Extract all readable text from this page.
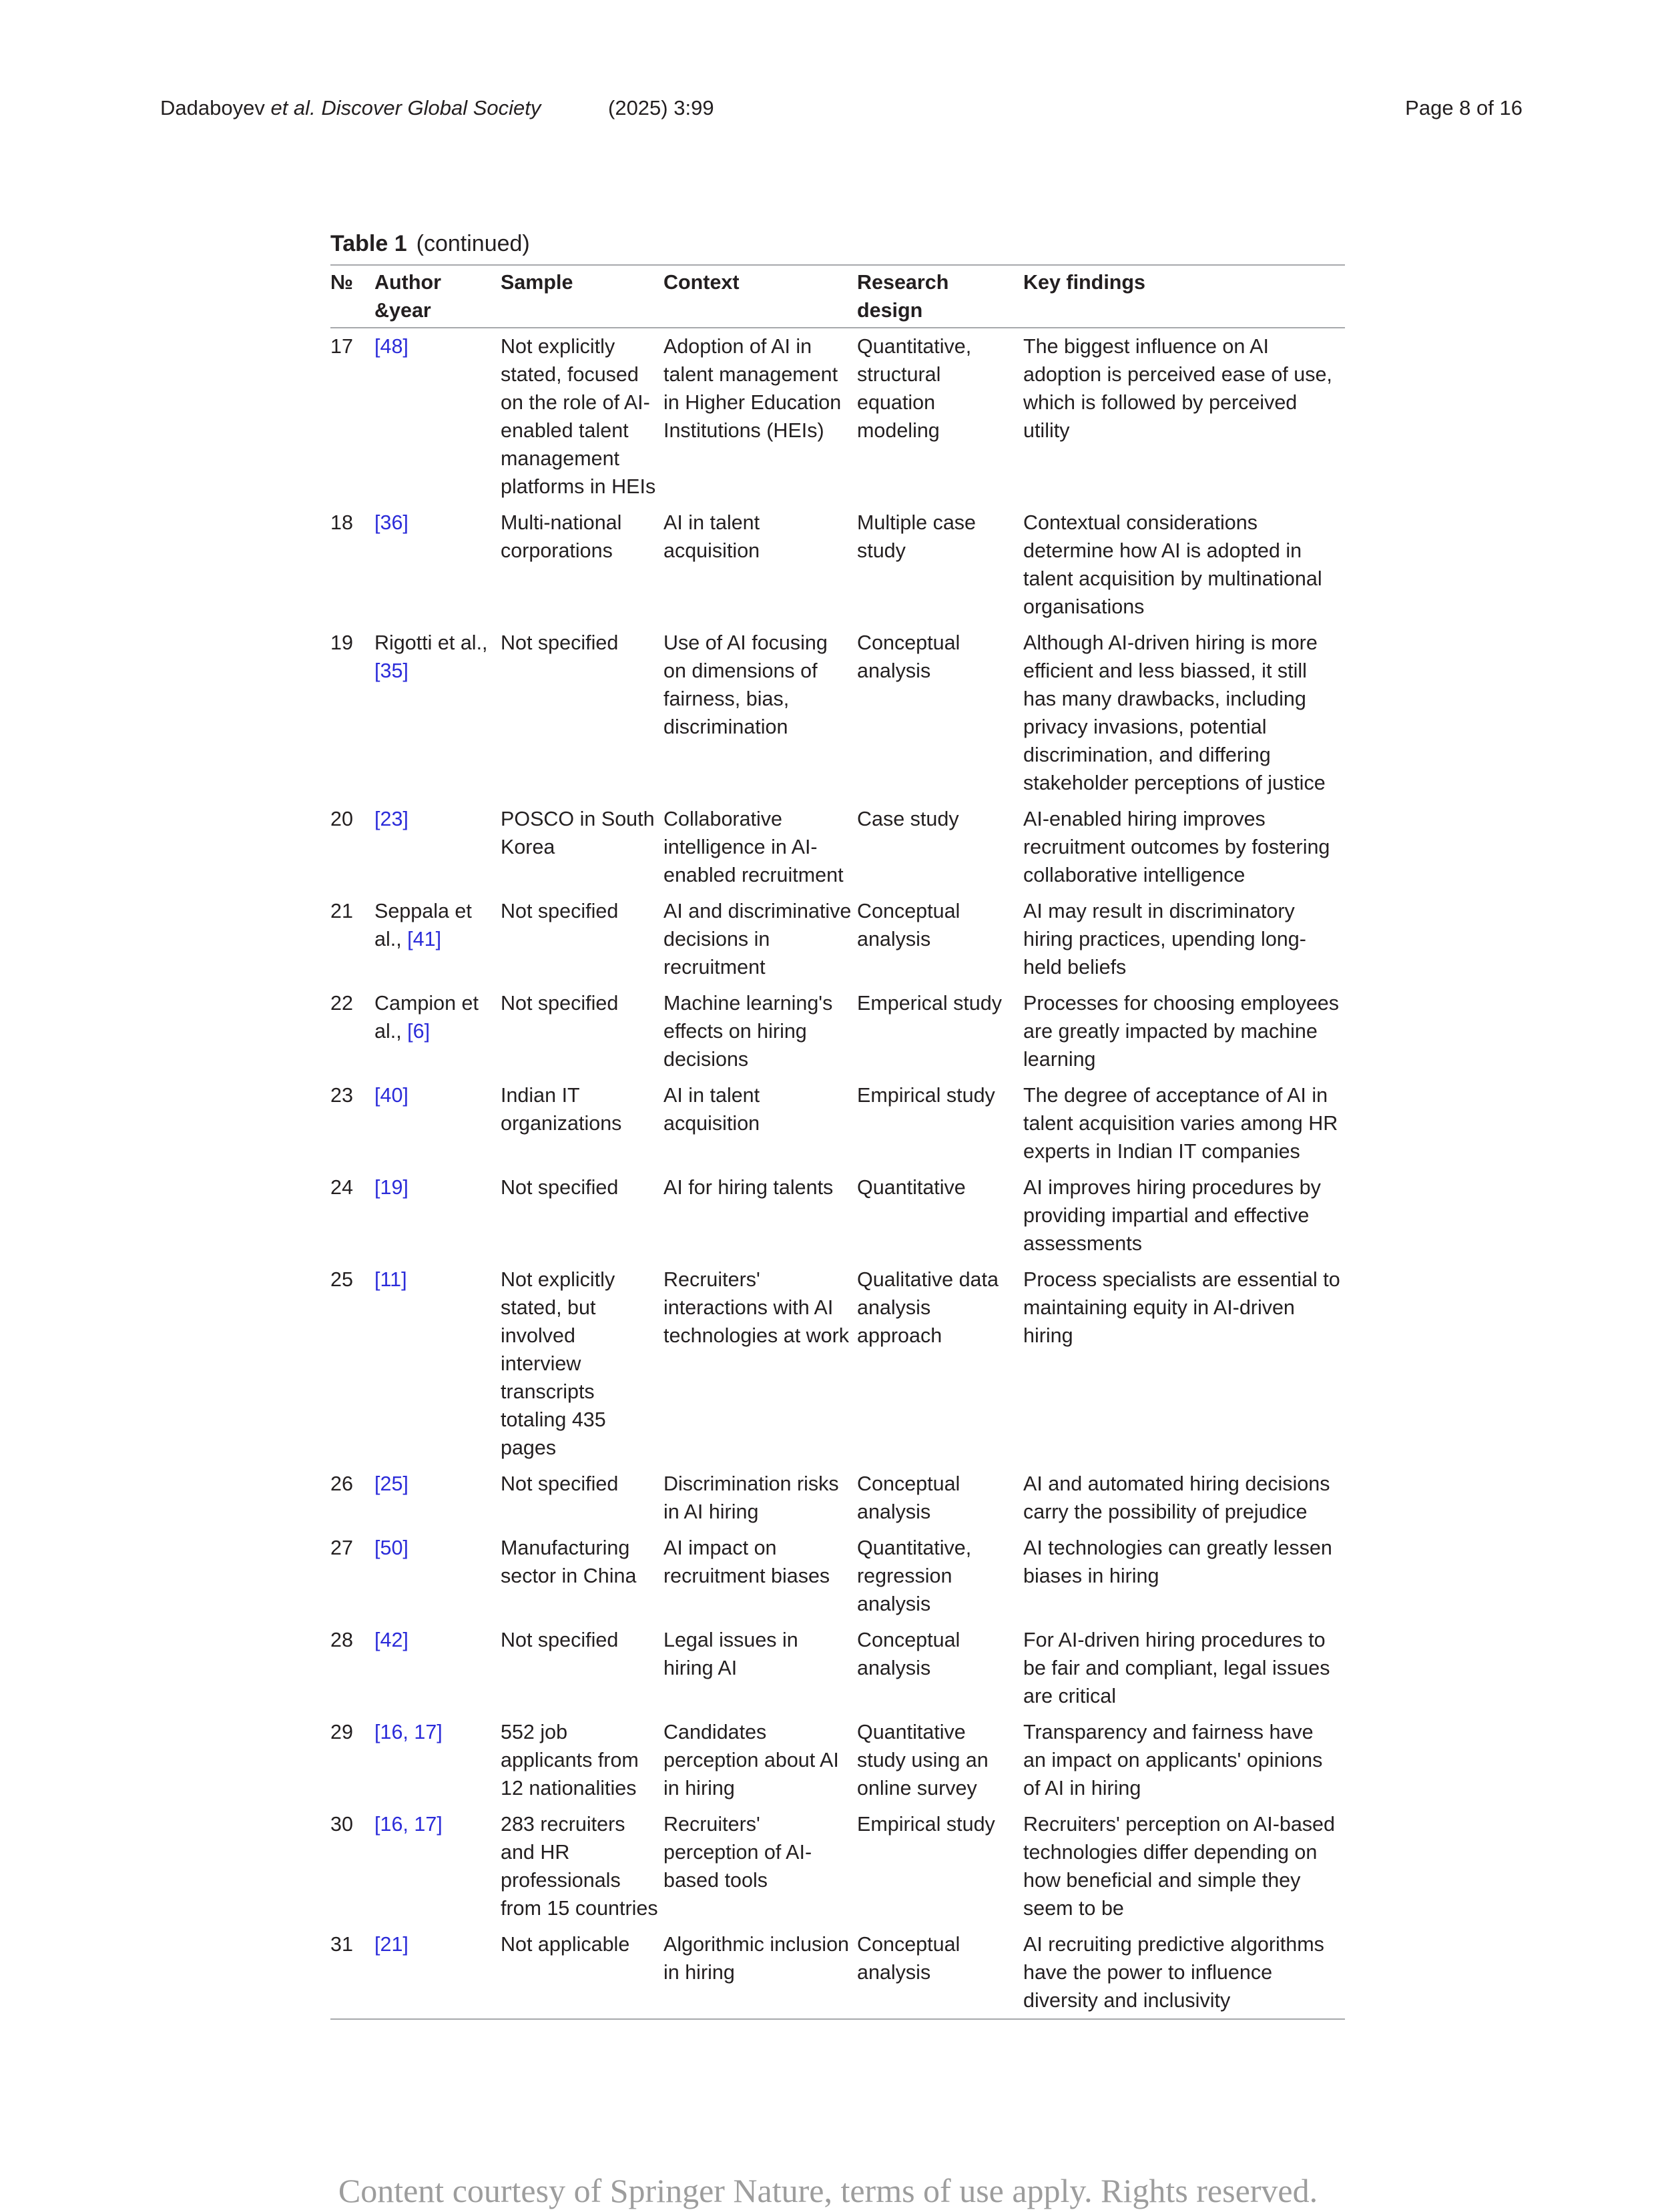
Dadaboyev et al. Discover Global Society	(2025) 3:99	Page 8 of 16
Table 1 (continued)
№	Author &year	Sample	Context	Research design	Key findings
17	[48]	Not explicitly stated, focused on the role of AI-enabled talent management platforms in HEIs	Adoption of AI in talent management in Higher Education Institutions (HEIs)	Quantitative, structural equation modeling	The biggest influence on AI adoption is perceived ease of use, which is followed by perceived utility
18	[36]	Multi-national corporations	AI in talent acquisition	Multiple case study	Contextual considerations determine how AI is adopted in talent acquisition by multinational organisations
19	Rigotti et al., [35]	Not specified	Use of AI focusing on dimensions of fairness, bias, discrimination	Conceptual analysis	Although AI-driven hiring is more efficient and less biassed, it still has many drawbacks, including privacy invasions, potential discrimination, and differing stakeholder perceptions of justice
20	[23]	POSCO in South Korea	Collaborative intelligence in AI-enabled recruitment	Case study	AI-enabled hiring improves recruitment outcomes by fostering collaborative intelligence
21	Seppala et al., [41]	Not specified	AI and discriminative decisions in recruitment	Conceptual analysis	AI may result in discriminatory hiring practices, upending long-held beliefs
22	Campion et al., [6]	Not specified	Machine learning's effects on hiring decisions	Emperical study	Processes for choosing employees are greatly impacted by machine learning
23	[40]	Indian IT organizations	AI in talent acquisition	Empirical study	The degree of acceptance of AI in talent acquisition varies among HR experts in Indian IT companies
24	[19]	Not specified	AI for hiring talents	Quantitative	AI improves hiring procedures by providing impartial and effective assessments
25	[11]	Not explicitly stated, but involved interview transcripts totaling 435 pages	Recruiters' interactions with AI technologies at work	Qualitative data analysis approach	Process specialists are essential to maintaining equity in AI-driven hiring
26	[25]	Not specified	Discrimination risks in AI hiring	Conceptual analysis	AI and automated hiring decisions carry the possibility of prejudice
27	[50]	Manufacturing sector in China	AI impact on recruitment biases	Quantitative, regression analysis	AI technologies can greatly lessen biases in hiring
28	[42]	Not specified	Legal issues in hiring AI	Conceptual analysis	For AI-driven hiring procedures to be fair and compliant, legal issues are critical
29	[16, 17]	552 job applicants from 12 nationalities	Candidates perception about AI in hiring	Quantitative study using an online survey	Transparency and fairness have an impact on applicants' opinions of AI in hiring
30	[16, 17]	283 recruiters and HR professionals from 15 countries	Recruiters' perception of AI-based tools	Empirical study	Recruiters' perception on AI-based technologies differ depending on how beneficial and simple they seem to be
31	[21]	Not applicable	Algorithmic inclusion in hiring	Conceptual analysis	AI recruiting predictive algorithms have the power to influence diversity and inclusivity
Content courtesy of Springer Nature, terms of use apply. Rights reserved.
